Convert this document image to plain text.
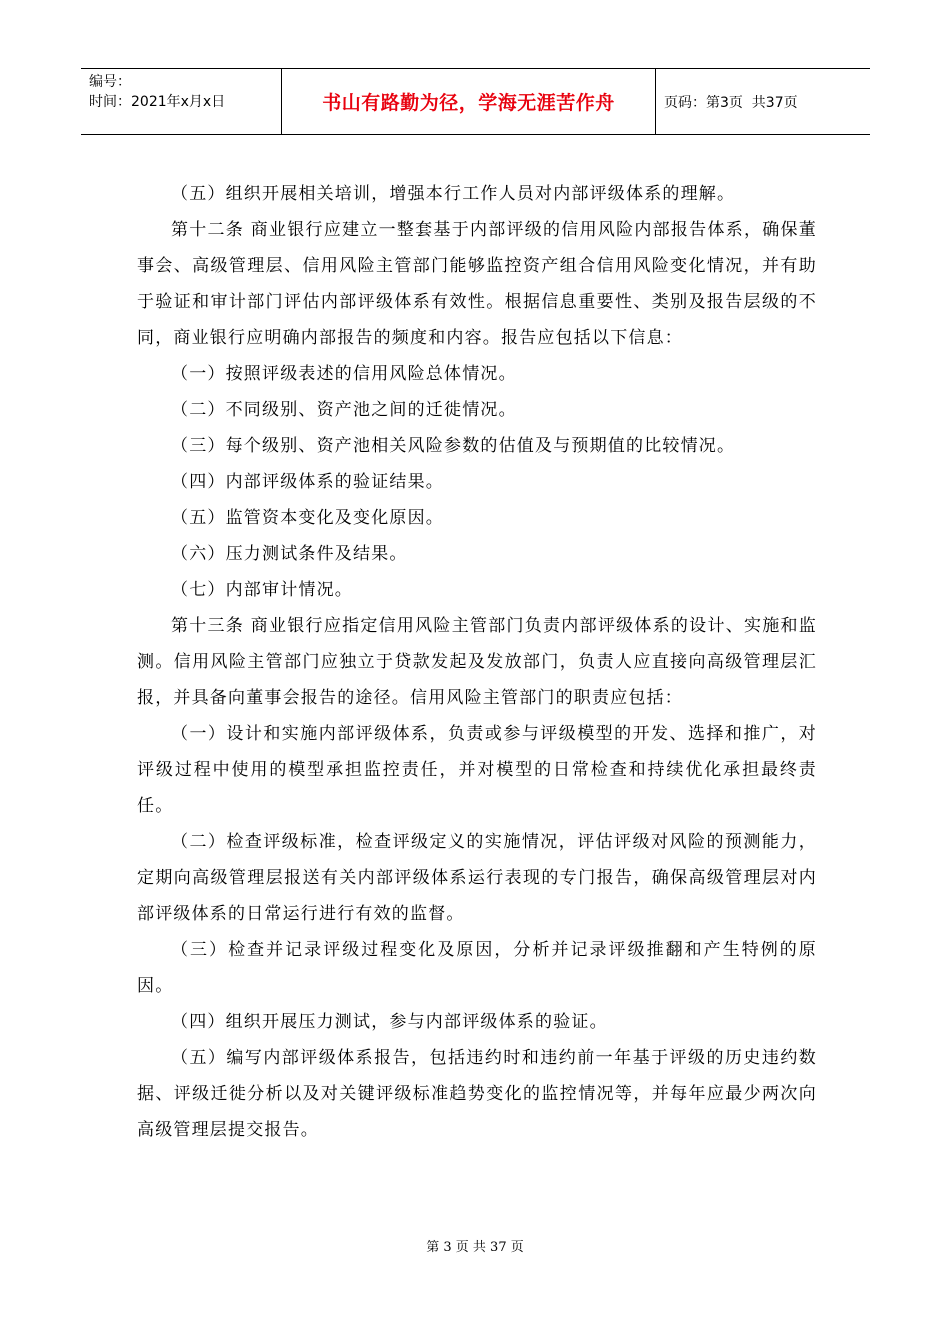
编号：
时间：2021年x月x日	书山有路勤为径，学海无涯苦作舟	页码：第3页  共37页

（五）组织开展相关培训，增强本行工作人员对内部评级体系的理解。

第十二条 商业银行应建立一整套基于内部评级的信用风险内部报告体系，确保董事会、高级管理层、信用风险主管部门能够监控资产组合信用风险变化情况，并有助于验证和审计部门评估内部评级体系有效性。根据信息重要性、类别及报告层级的不同，商业银行应明确内部报告的频度和内容。报告应包括以下信息：

（一）按照评级表述的信用风险总体情况。

（二）不同级别、资产池之间的迁徙情况。

（三）每个级别、资产池相关风险参数的估值及与预期值的比较情况。

（四）内部评级体系的验证结果。

（五）监管资本变化及变化原因。

（六）压力测试条件及结果。

（七）内部审计情况。

第十三条 商业银行应指定信用风险主管部门负责内部评级体系的设计、实施和监测。信用风险主管部门应独立于贷款发起及发放部门，负责人应直接向高级管理层汇报，并具备向董事会报告的途径。信用风险主管部门的职责应包括：

（一）设计和实施内部评级体系，负责或参与评级模型的开发、选择和推广，对评级过程中使用的模型承担监控责任，并对模型的日常检查和持续优化承担最终责任。

（二）检查评级标准，检查评级定义的实施情况，评估评级对风险的预测能力，定期向高级管理层报送有关内部评级体系运行表现的专门报告，确保高级管理层对内部评级体系的日常运行进行有效的监督。

（三）检查并记录评级过程变化及原因，分析并记录评级推翻和产生特例的原因。

（四）组织开展压力测试，参与内部评级体系的验证。

（五）编写内部评级体系报告，包括违约时和违约前一年基于评级的历史违约数据、评级迁徙分析以及对关键评级标准趋势变化的监控情况等，并每年应最少两次向高级管理层提交报告。

第 3 页 共 37 页
